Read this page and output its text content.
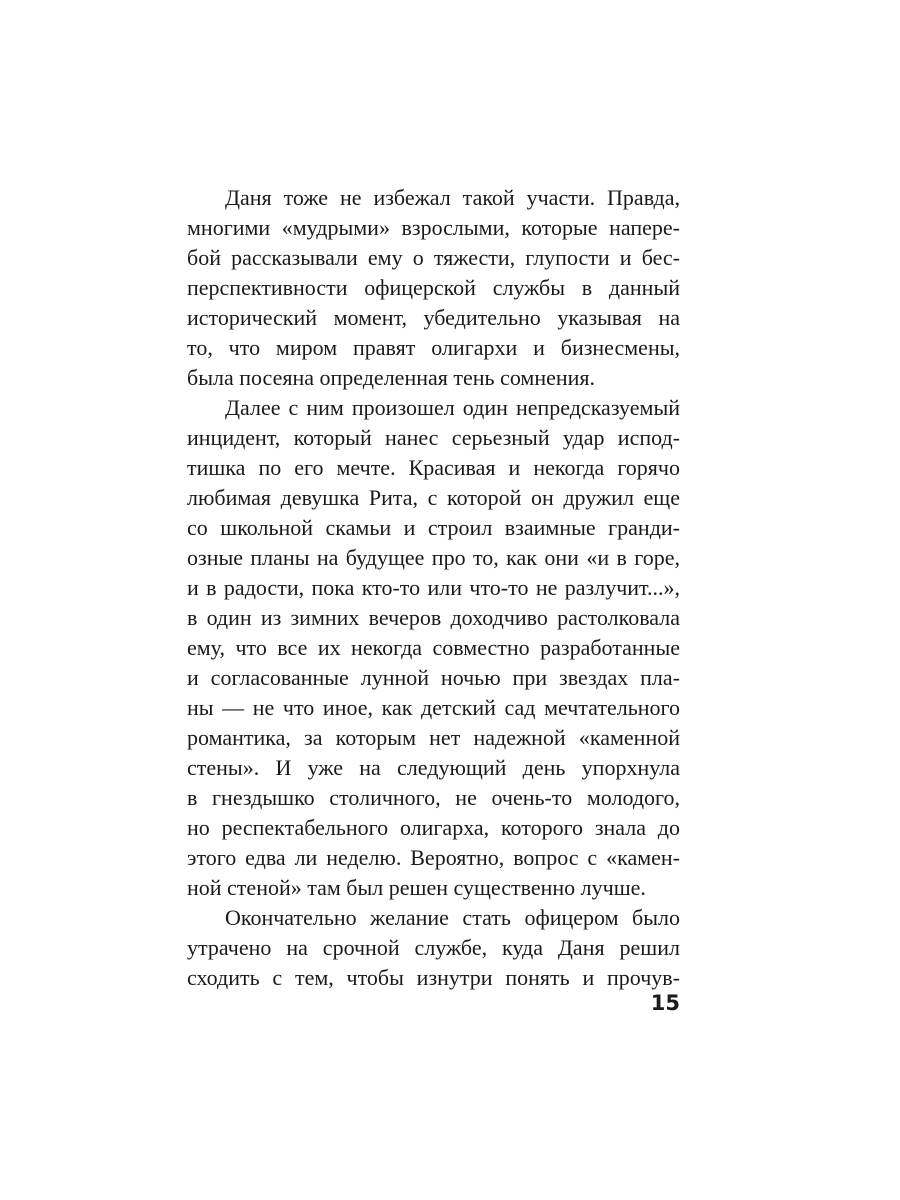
Даня тоже не избежал такой участи. Правда,
многими «мудрыми» взрослыми, которые напере-
бой рассказывали ему о тяжести, глупости и бес-
перспективности офицерской службы в данный
исторический момент, убедительно указывая на
то, что миром правят олигархи и бизнесмены,
была посеяна определенная тень сомнения.
Далее с ним произошел один непредсказуемый
инцидент, который нанес серьезный удар испод-
тишка по его мечте. Красивая и некогда горячо
любимая девушка Рита, с которой он дружил еще
со школьной скамьи и строил взаимные гранди-
озные планы на будущее про то, как они «и в горе,
и в радости, пока кто-то или что-то не разлучит...»,
в один из зимних вечеров доходчиво растолковала
ему, что все их некогда совместно разработанные
и согласованные лунной ночью при звездах пла-
ны — не что иное, как детский сад мечтательного
романтика, за которым нет надежной «каменной
стены». И уже на следующий день упорхнула
в гнездышко столичного, не очень-то молодого,
но респектабельного олигарха, которого знала до
этого едва ли неделю. Вероятно, вопрос с «камен-
ной стеной» там был решен существенно лучше.
Окончательно желание стать офицером было
утрачено на срочной службе, куда Даня решил
сходить с тем, чтобы изнутри понять и прочув-
15
